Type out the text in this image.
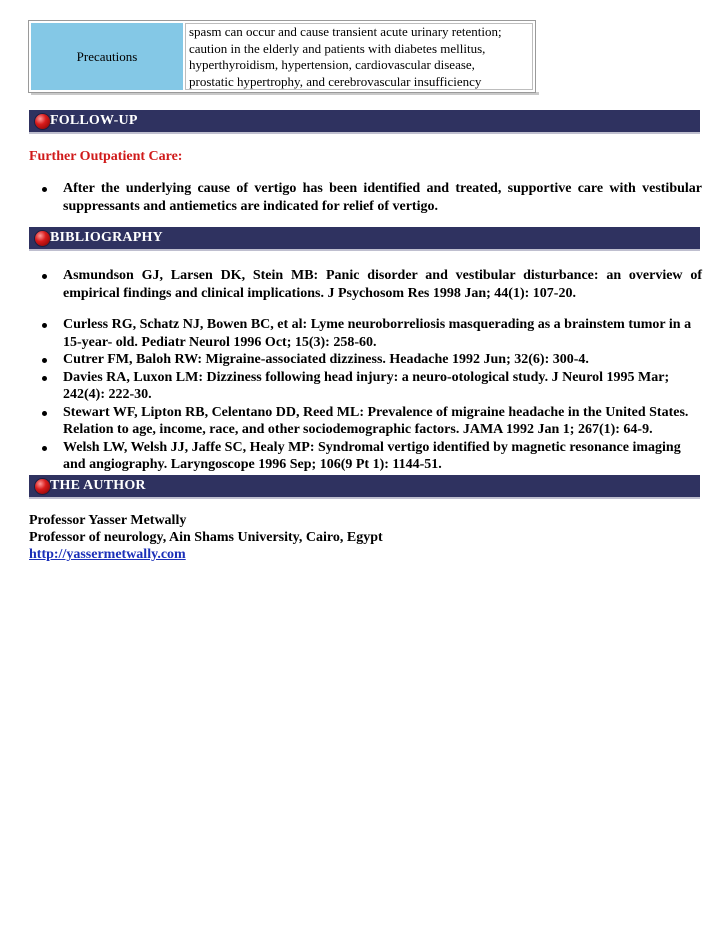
Precautions
spasm can occur and cause transient acute urinary retention;
caution in the elderly and patients with diabetes mellitus,
hyperthyroidism, hypertension, cardiovascular disease,
prostatic hypertrophy, and cerebrovascular insufficiency
FOLLOW-UP
Further Outpatient Care:
After the underlying cause of vertigo has been identified and treated, supportive care with vestibular suppressants and antiemetics are indicated for relief of vertigo.
BIBLIOGRAPHY
Asmundson GJ, Larsen DK, Stein MB: Panic disorder and vestibular disturbance: an overview of empirical findings and clinical implications. J Psychosom Res 1998 Jan; 44(1): 107-20.
Curless RG, Schatz NJ, Bowen BC, et al: Lyme neuroborreliosis masquerading as a brainstem tumor in a 15-year- old. Pediatr Neurol 1996 Oct; 15(3): 258-60.
Cutrer FM, Baloh RW: Migraine-associated dizziness. Headache 1992 Jun; 32(6): 300-4.
Davies RA, Luxon LM: Dizziness following head injury: a neuro-otological study. J Neurol 1995 Mar; 242(4): 222-30.
Stewart WF, Lipton RB, Celentano DD, Reed ML: Prevalence of migraine headache in the United States. Relation to age, income, race, and other sociodemographic factors. JAMA 1992 Jan 1; 267(1): 64-9.
Welsh LW, Welsh JJ, Jaffe SC, Healy MP: Syndromal vertigo identified by magnetic resonance imaging and angiography. Laryngoscope 1996 Sep; 106(9 Pt 1): 1144-51.
THE AUTHOR
Professor Yasser Metwally
Professor of neurology, Ain Shams University, Cairo, Egypt
http://yassermetwally.com
